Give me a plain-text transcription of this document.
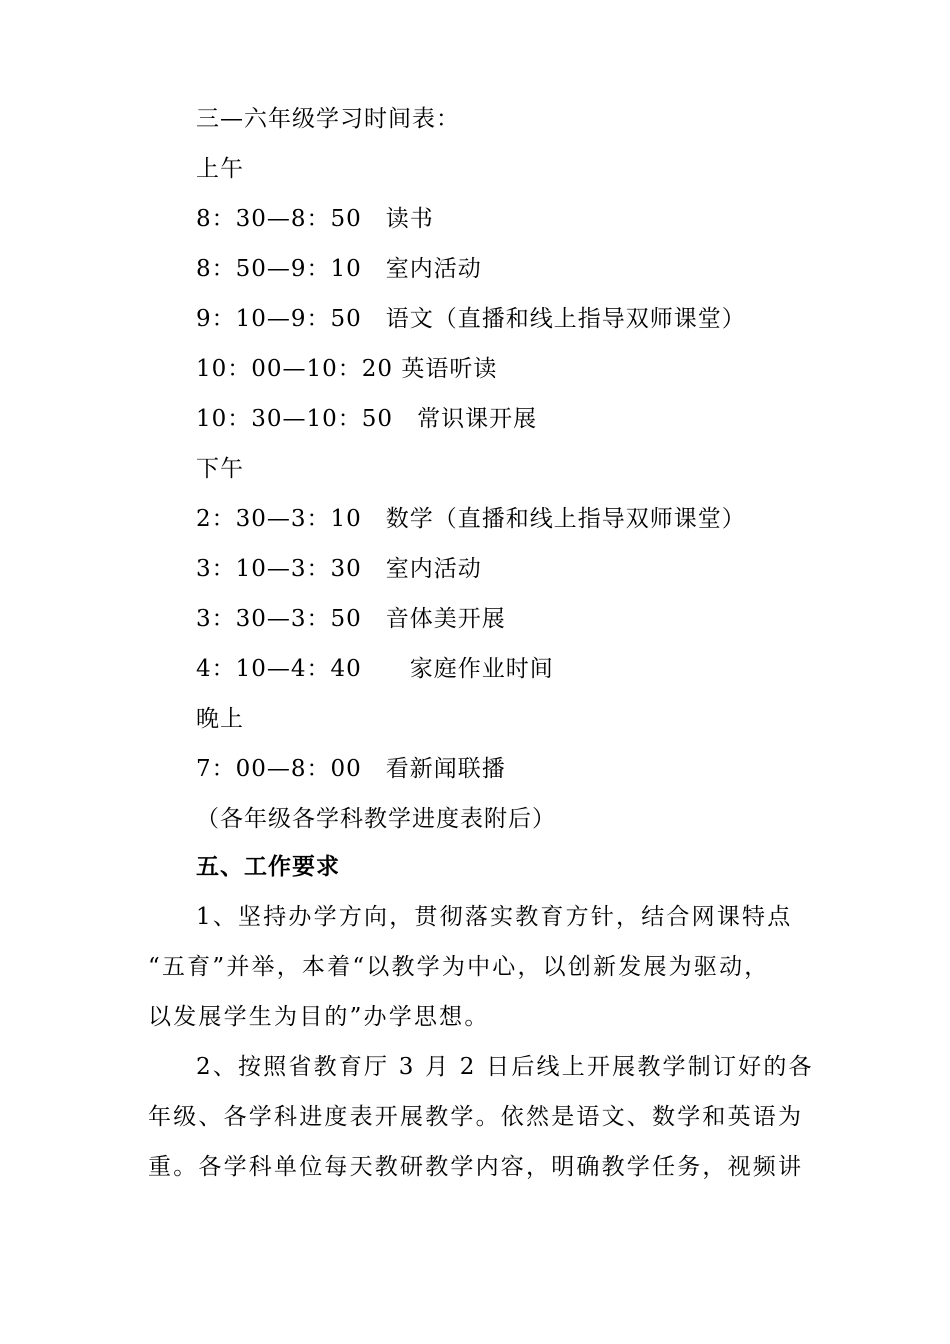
三—六年级学习时间表：
上午
8：30—8：50　读书
8：50—9：10　室内活动
9：10—9：50　语文（直播和线上指导双师课堂）
10：00—10：20 英语听读
10：30—10：50　常识课开展
下午
2：30—3：10　数学（直播和线上指导双师课堂）
3：10—3：30　室内活动
3：30—3：50　音体美开展
4：10—4：40　　家庭作业时间
晚上
7：00—8：00　看新闻联播
（各年级各学科教学进度表附后）
五、工作要求
1、坚持办学方向，贯彻落实教育方针，结合网课特点
“五育”并举，本着“以教学为中心，以创新发展为驱动，
以发展学生为目的”办学思想。
2、按照省教育厅 3 月 2 日后线上开展教学制订好的各
年级、各学科进度表开展教学。依然是语文、数学和英语为
重。各学科单位每天教研教学内容，明确教学任务，视频讲
